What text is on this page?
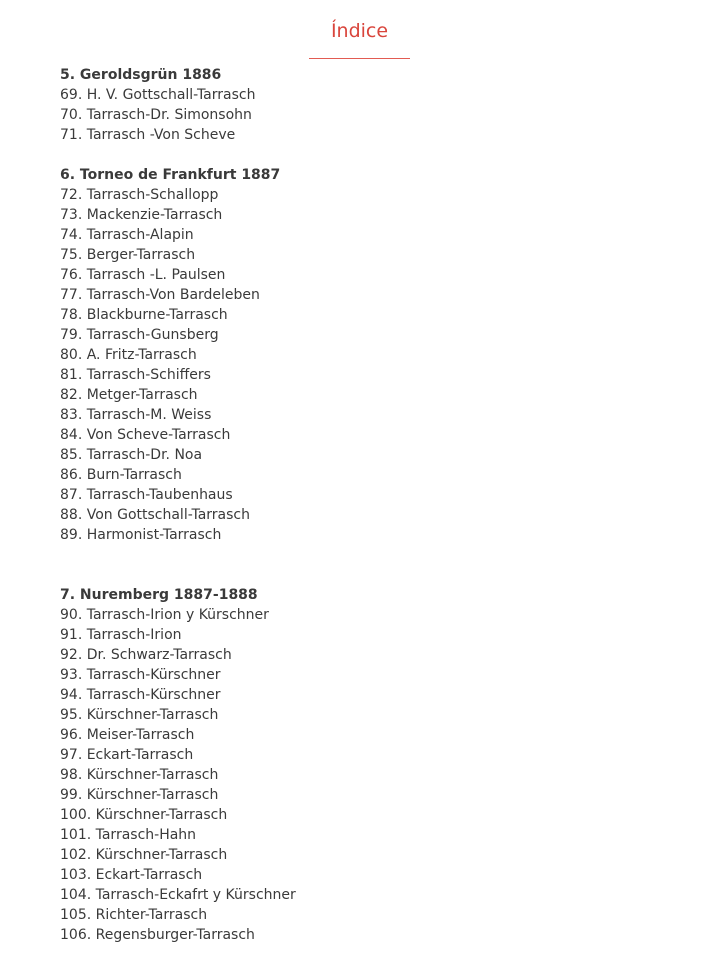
Índice
5. Geroldsgrün 1886
69. H. V. Gottschall-Tarrasch
70. Tarrasch-Dr. Simonsohn
71. Tarrasch -Von Scheve
6. Torneo de Frankfurt 1887
72. Tarrasch-Schallopp
73. Mackenzie-Tarrasch
74. Tarrasch-Alapin
75. Berger-Tarrasch
76. Tarrasch -L. Paulsen
77. Tarrasch-Von Bardeleben
78. Blackburne-Tarrasch
79. Tarrasch-Gunsberg
80. A. Fritz-Tarrasch
81. Tarrasch-Schiffers
82. Metger-Tarrasch
83. Tarrasch-M. Weiss
84. Von Scheve-Tarrasch
85. Tarrasch-Dr. Noa
86. Burn-Tarrasch
87. Tarrasch-Taubenhaus
88. Von Gottschall-Tarrasch
89. Harmonist-Tarrasch
7. Nuremberg 1887-1888
90. Tarrasch-Irion y Kürschner
91. Tarrasch-Irion
92. Dr. Schwarz-Tarrasch
93. Tarrasch-Kürschner
94. Tarrasch-Kürschner
95. Kürschner-Tarrasch
96. Meiser-Tarrasch
97. Eckart-Tarrasch
98. Kürschner-Tarrasch
99. Kürschner-Tarrasch
100. Kürschner-Tarrasch
101. Tarrasch-Hahn
102. Kürschner-Tarrasch
103. Eckart-Tarrasch
104. Tarrasch-Eckafrt y Kürschner
105. Richter-Tarrasch
106. Regensburger-Tarrasch
